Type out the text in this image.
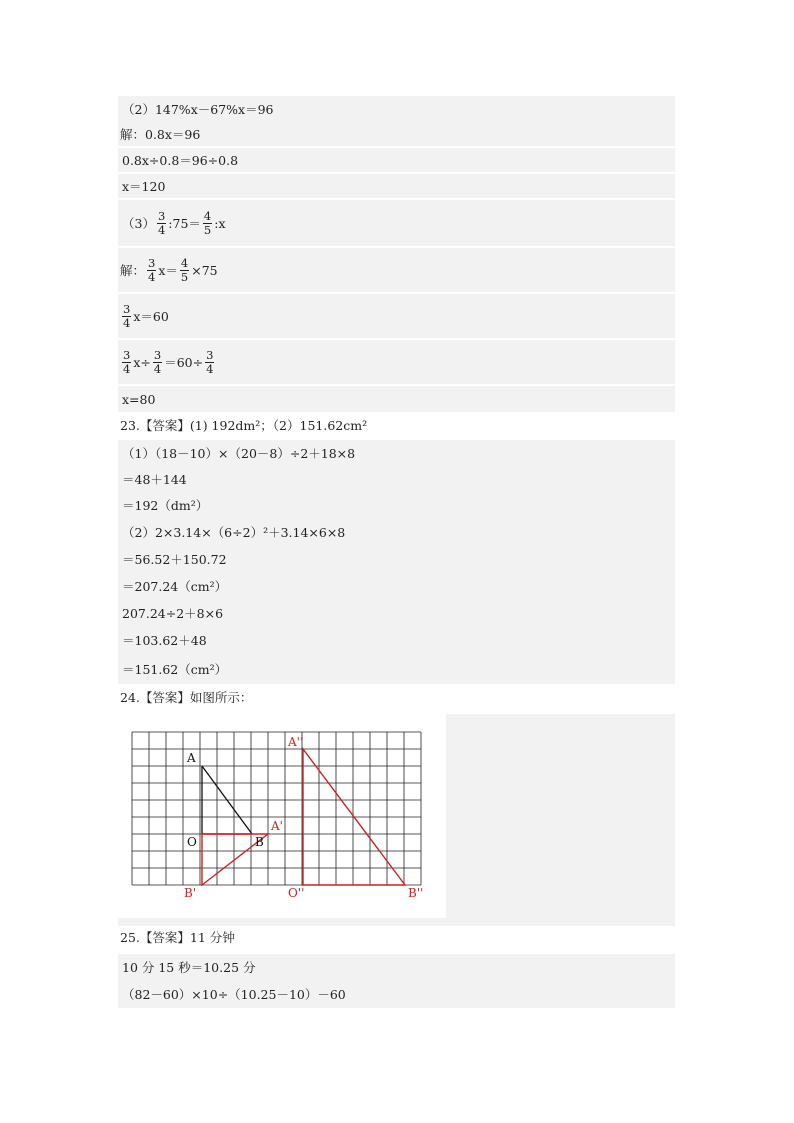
（2）147%x－67%x＝96
解：0.8x＝96
0.8x÷0.8＝96÷0.8
x＝120
$(3) \frac{3}{4}$ :75＝ $\frac{4}{5}$ :x
解： $\frac{3}{4} x= \frac{4}{5} \times 75$
$\frac{3}{4} x=60$
$\frac{3}{4} x\div \frac{3}{4} =60\div \frac{3}{4}$
x=80
23.【答案】(1) 192dm²；（2）151.62cm²
（1）（18－10）×（20－8）÷2＋18×8
＝48＋144
＝192（dm²）
（2）2×3.14×（6÷2）²＋3.14×6×8
＝56.52＋150.72
＝207.24（cm²）
207.24÷2＋8×6
＝103.62＋48
＝151.62（cm²）
24.【答案】如图所示：
A
O	B
A'
B'
A''
O''	B''
25.【答案】11 分钟
10 分 15 秒＝10.25 分
（82－60）×10÷（10.25－10）－60
